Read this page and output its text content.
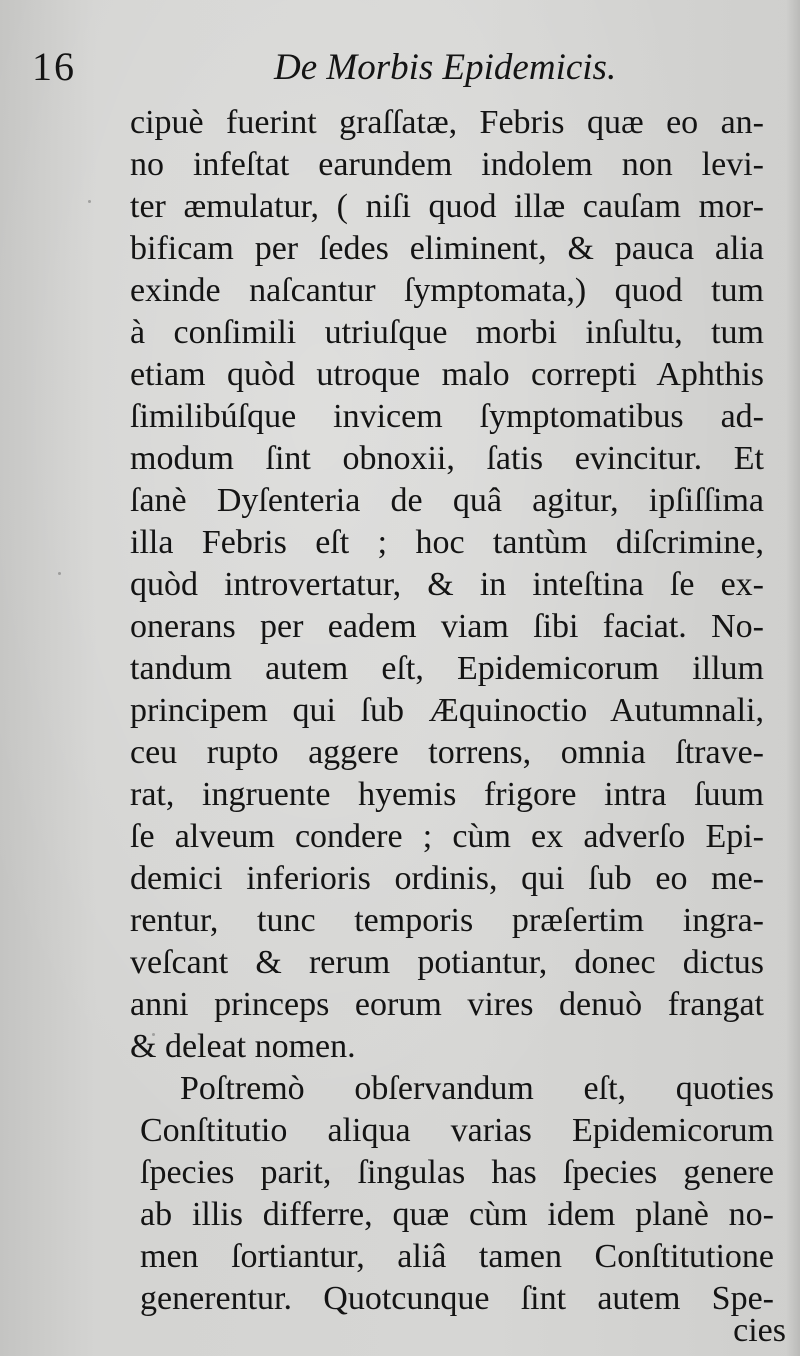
16	De Morbis Epidemicis.
cipuè fuerint graſſatæ, Febris quæ eo an-
no infeſtat earundem indolem non levi-
ter æmulatur, ( niſi quod illæ cauſam mor-
bificam per ſedes eliminent, & pauca alia
exinde naſcantur ſymptomata,) quod tum
à conſimili utriuſque morbi inſultu, tum
etiam quòd utroque malo correpti Aphthis
ſimilibúſque invicem ſymptomatibus ad-
modum ſint obnoxii, ſatis evincitur. Et
ſanè Dyſenteria de quâ agitur, ipſiſſima
illa Febris eſt ; hoc tantùm diſcrimine,
quòd introvertatur, & in inteſtina ſe ex-
onerans per eadem viam ſibi faciat. No-
tandum autem eſt, Epidemicorum illum
principem qui ſub Æquinoctio Autumnali,
ceu rupto aggere torrens, omnia ſtrave-
rat, ingruente hyemis frigore intra ſuum
ſe alveum condere ; cùm ex adverſo Epi-
demici inferioris ordinis, qui ſub eo me-
rentur, tunc temporis præſertim ingra-
veſcant & rerum potiantur, donec dictus
anni princeps eorum vires denuò frangat
& deleat nomen.
Poſtremò obſervandum eſt, quoties
Conſtitutio aliqua varias Epidemicorum
ſpecies parit, ſingulas has ſpecies genere
ab illis differre, quæ cùm idem planè no-
men ſortiantur, aliâ tamen Conſtitutione
generentur. Quotcunque ſint autem Spe-
cies
